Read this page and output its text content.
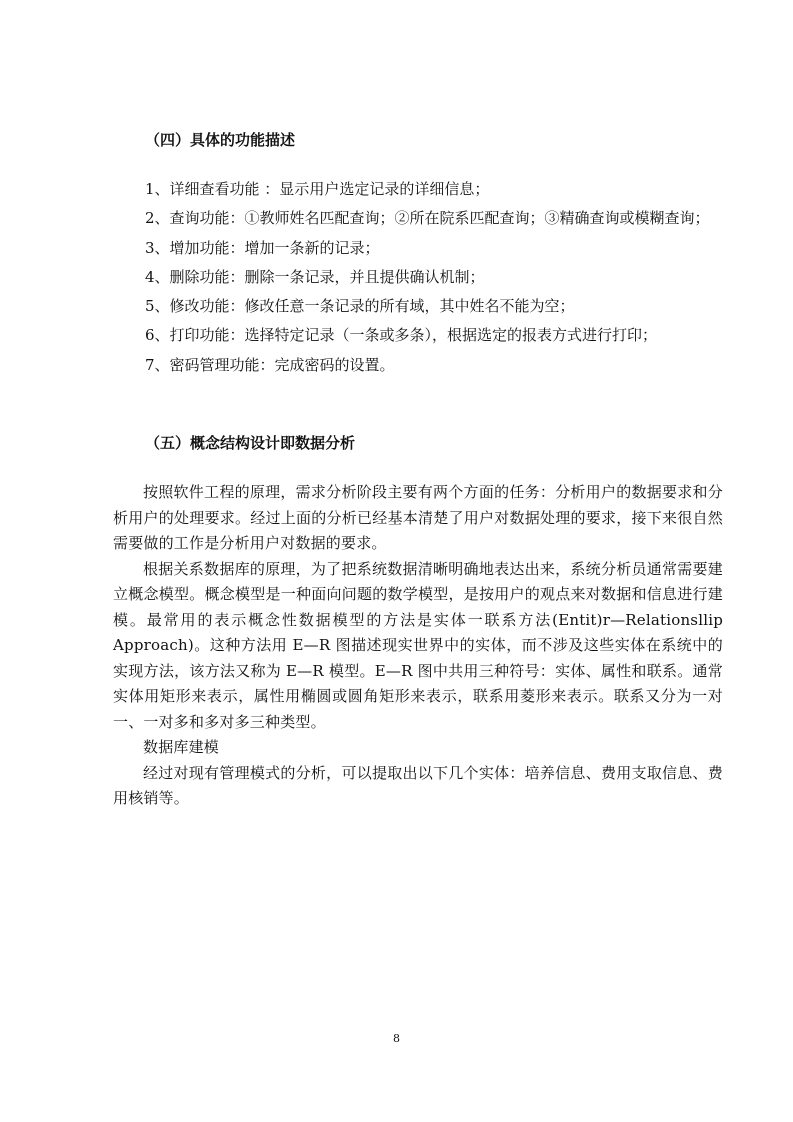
（四）具体的功能描述
1、详细查看功能 ：显示用户选定记录的详细信息；
2、查询功能：①教师姓名匹配查询；②所在院系匹配查询；③精确查询或模糊查询；
3、增加功能：增加一条新的记录；
4、删除功能：删除一条记录，并且提供确认机制；
5、修改功能：修改任意一条记录的所有域，其中姓名不能为空；
6、打印功能：选择特定记录（一条或多条），根据选定的报表方式进行打印；
7、密码管理功能：完成密码的设置。
（五）概念结构设计即数据分析

按照软件工程的原理，需求分析阶段主要有两个方面的任务：分析用户的数据要求和分析用户的处理要求。经过上面的分析已经基本清楚了用户对数据处理的要求，接下来很自然需要做的工作是分析用户对数据的要求。

根据关系数据库的原理，为了把系统数据清晰明确地表达出来，系统分析员通常需要建立概念模型。概念模型是一种面向问题的数学模型，是按用户的观点来对数据和信息进行建模。最常用的表示概念性数据模型的方法是实体一联系方法(Entit)r—Relationsllip Approach)。这种方法用 E—R 图描述现实世界中的实体，而不涉及这些实体在系统中的实现方法，该方法又称为 E—R 模型。E—R 图中共用三种符号：实体、属性和联系。通常实体用矩形来表示，属性用椭圆或圆角矩形来表示，联系用菱形来表示。联系又分为一对一、一对多和多对多三种类型。

数据库建模

经过对现有管理模式的分析，可以提取出以下几个实体：培养信息、费用支取信息、费用核销等。

8
